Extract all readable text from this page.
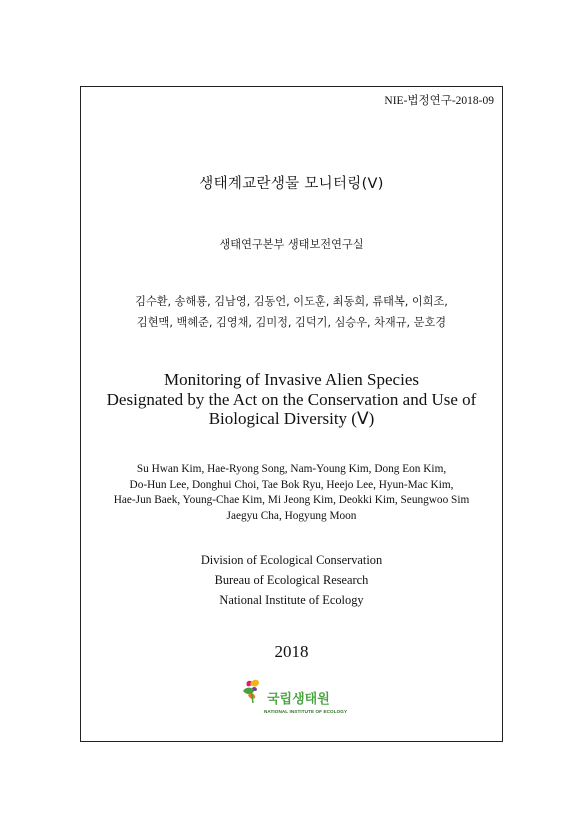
NIE-법정연구-2018-09
생태계교란생물 모니터링(Ⅴ)
생태연구본부 생태보전연구실
김수환, 송해룡, 김남영, 김동언, 이도훈, 최동희, 류태복, 이희조,
김현맥, 백혜준, 김영채, 김미정, 김덕기, 심승우, 차재규, 문호경
Monitoring of Invasive Alien Species
Designated by the Act on the Conservation and Use of
Biological Diversity (Ⅴ)
Su Hwan Kim, Hae-Ryong Song, Nam-Young Kim, Dong Eon Kim,
Do-Hun Lee, Donghui Choi, Tae Bok Ryu, Heejo Lee, Hyun-Mac Kim,
Hae-Jun Baek, Young-Chae Kim, Mi Jeong Kim, Deokki Kim, Seungwoo Sim
Jaegyu Cha, Hogyung Moon
Division of Ecological Conservation
Bureau of Ecological Research
National Institute of Ecology
2018
국립생태원
NATIONAL INSTITUTE OF ECOLOGY
